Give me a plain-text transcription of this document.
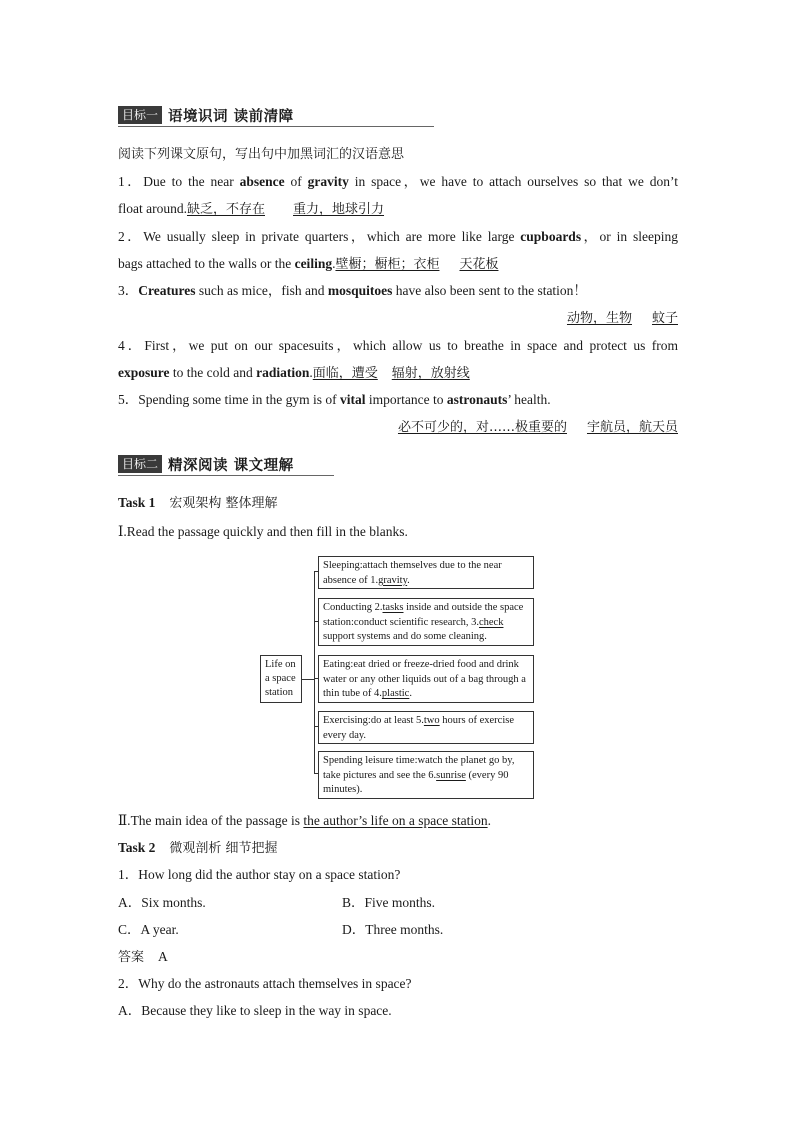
目标一 语境识词 读前清障
阅读下列课文原句，写出句中加黑词汇的汉语意思
1．Due to the near absence of gravity in space，we have to attach ourselves so that we don’t
float around.缺乏，不存在 重力，地球引力
2．We usually sleep in private quarters，which are more like large cupboards，or in sleeping
bags attached to the walls or the ceiling.壁橱；橱柜；衣柜 天花板
3．Creatures such as mice，fish and mosquitoes have also been sent to the station！
动物，生物 蚊子
4．First，we put on our spacesuits，which allow us to breathe in space and protect us from
exposure to the cold and radiation.面临，遭受 辐射，放射线
5．Spending some time in the gym is of vital importance to astronauts’ health.
必不可少的，对……极重要的 宇航员，航天员
目标二 精深阅读 课文理解
Task 1 宏观架构 整体理解
Ⅰ.Read the passage quickly and then fill in the blanks.
Life on
a space
station
Sleeping:attach themselves due to the near absence of 1.gravity.
Conducting 2.tasks inside and outside the space station:conduct scientific research, 3.check support systems and do some cleaning.
Eating:eat dried or freeze-dried food and drink water or any other liquids out of a bag through a thin tube of 4.plastic.
Exercising:do at least 5.two hours of exercise every day.
Spending leisure time:watch the planet go by, take pictures and see the 6.sunrise (every 90 minutes).
Ⅱ.The main idea of the passage is the author’s life on a space station.
Task 2 微观剖析 细节把握
1．How long did the author stay on a space station?
A．Six months.	B．Five months.
C．A year.	D．Three months.
答案 A
2．Why do the astronauts attach themselves in space?
A．Because they like to sleep in the way in space.
